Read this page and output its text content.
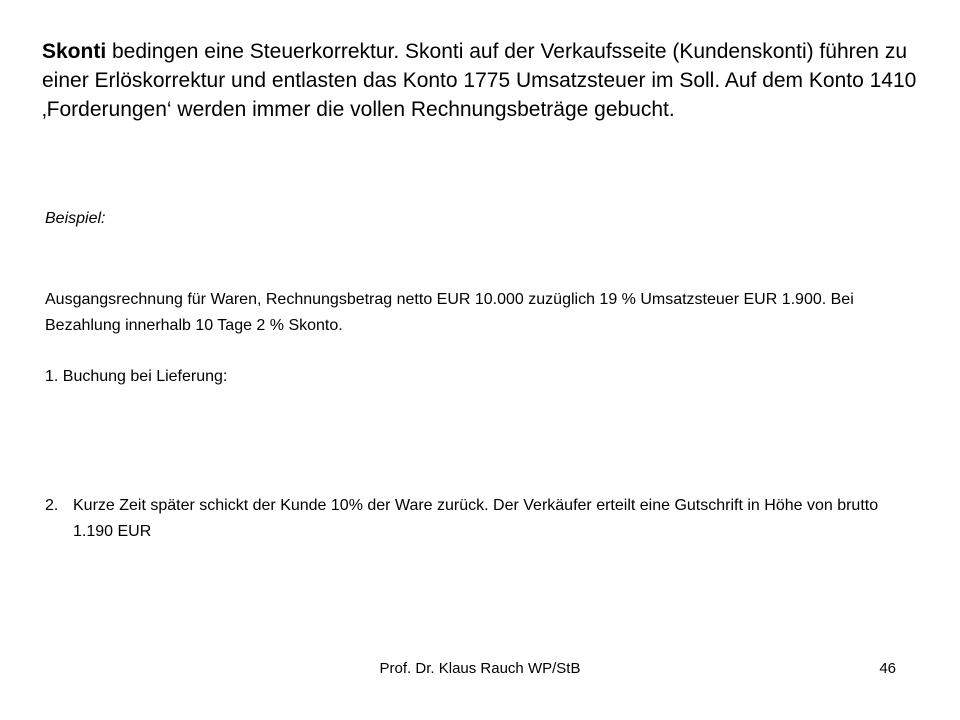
Skonti bedingen eine Steuerkorrektur. Skonti auf der Verkaufsseite (Kundenskonti) führen zu einer Erlöskorrektur und entlasten das Konto 1775 Umsatzsteuer im Soll. Auf dem Konto 1410 ‚Forderungen‘ werden immer die vollen Rechnungsbeträge gebucht.

Beispiel:

Ausgangsrechnung für Waren, Rechnungsbetrag netto EUR 10.000 zuzüglich 19 % Umsatzsteuer EUR 1.900. Bei Bezahlung innerhalb 10 Tage 2 % Skonto.

1. Buchung bei Lieferung:

2. Kurze Zeit später schickt der Kunde 10% der Ware zurück. Der Verkäufer erteilt eine Gutschrift in Höhe von brutto 1.190 EUR

Prof. Dr. Klaus Rauch WP/StB	46
